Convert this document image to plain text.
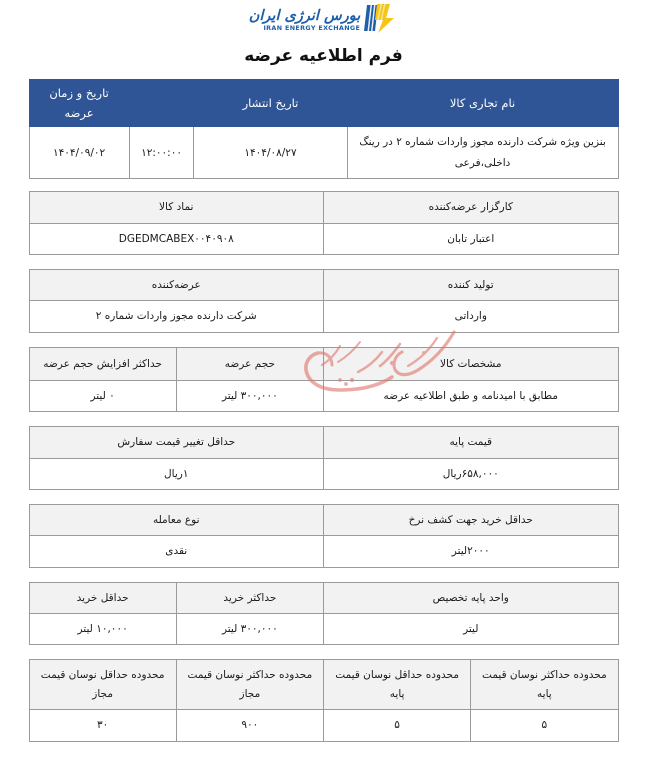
بورس انرژی ایران
IRAN ENERGY EXCHANGE
فرم اطلاعیه عرضه
نام تجاری کالا	تاریخ انتشار		تاریخ و زمان عرضه
بنزین ویژه شرکت دارنده مجوز واردات شماره ۲ در رینگ داخلی،فرعی	۱۴۰۴/۰۸/۲۷	۱۲:۰۰:۰۰	۱۴۰۴/۰۹/۰۲
کارگزار عرضه‌کننده	نماد کالا
اعتبار تابان	DGEDMCABEX۰۰۴۰۹۰۸
تولید کننده	عرضه‌کننده
وارداتی	شرکت دارنده مجوز واردات شماره ۲
مشخصات کالا	حجم عرضه	حداکثر افزایش حجم عرضه
مطابق با امیدنامه و طبق اطلاعیه عرضه	۳۰۰,۰۰۰ لیتر	۰ لیتر
قیمت پایه	حداقل تغییر قیمت سفارش
۶۵۸,۰۰۰ریال	۱ریال
حداقل خرید جهت کشف نرخ	نوع معامله
۲۰۰۰لیتر	نقدی
واحد پایه تخصیص	حداکثر خرید	حداقل خرید
لیتر	۳۰۰,۰۰۰ لیتر	۱۰,۰۰۰ لیتر
محدوده حداکثر نوسان قیمت پایه	محدوده حداقل نوسان قیمت پایه	محدوده حداکثر نوسان قیمت مجاز	محدوده حداقل نوسان قیمت مجاز
۵	۵	۹۰۰	۳۰
